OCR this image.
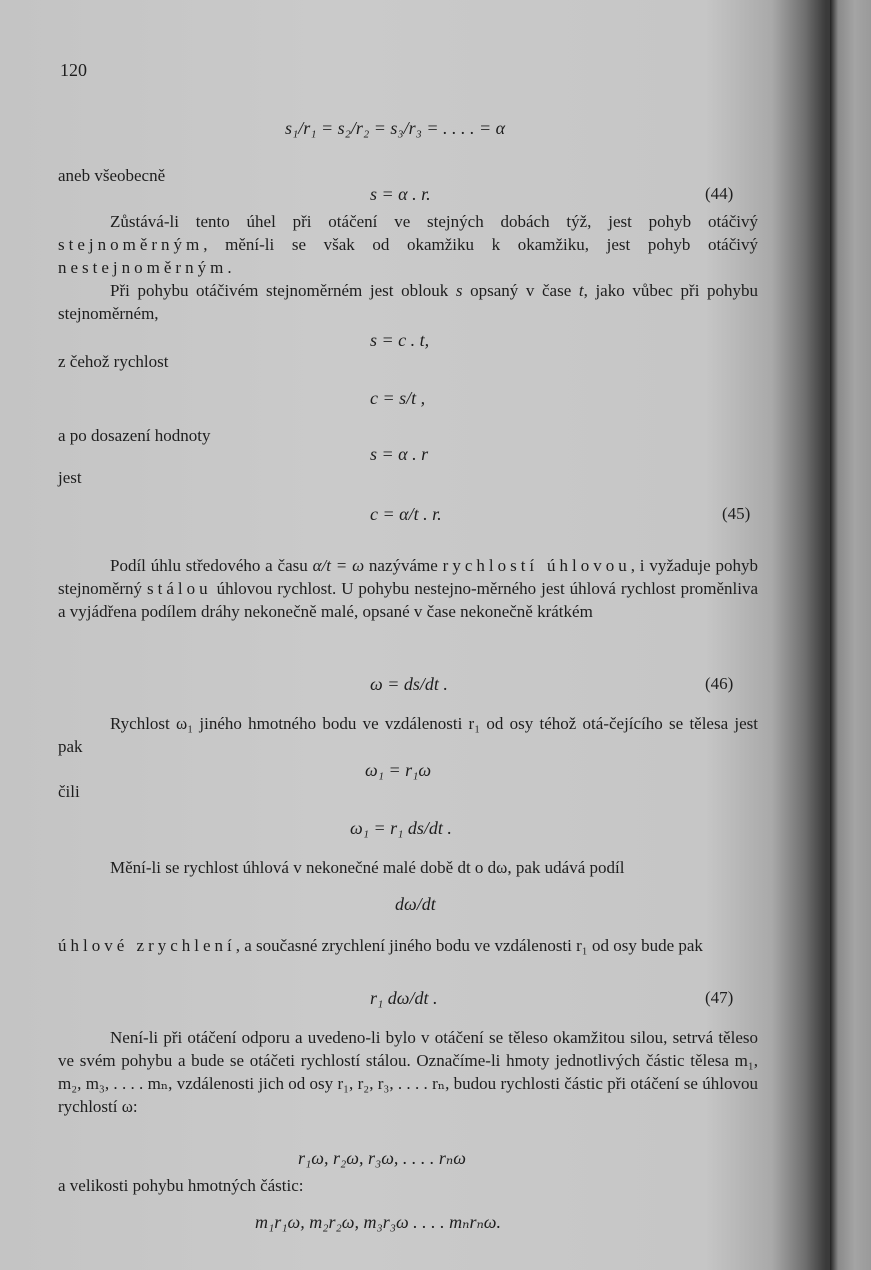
120
s₁/r₁ = s₂/r₂ = s₃/r₃ = . . . . = α
aneb všeobecně
s = α . r.	(44)

Zůstává-li tento úhel při otáčení ve stejných dobách týž, jest pohyb otáčivý stejnoměrným, mění-li se však od okamžiku k okamžiku, jest pohyb otáčivý nestejnoměrným.

Při pohybu otáčivém stejnoměrném jest oblouk s opsaný v čase t, jako vůbec při pohybu stejnoměrném,

s = c . t,
z čehož rychlost
c = s/t ,
a po dosazení hodnoty
s = α . r
jest
c = α/t . r.	(45)

Podíl úhlu středového a času α/t = ω nazýváme rychlostí úhlovou, i vyžaduje pohyb stejnoměrný stálou úhlovou rychlost. U pohybu nestejno-měrného jest úhlová rychlost proměnliva a vyjádřena podílem dráhy nekonečně malé, opsané v čase nekonečně krátkém

ω = ds/dt .	(46)

Rychlost ω₁ jiného hmotného bodu ve vzdálenosti r₁ od osy téhož otá-čejícího se tělesa jest pak

ω₁ = r₁ω
čili
ω₁ = r₁ ds/dt .

Mění-li se rychlost úhlová v nekonečné malé době dt o dω, pak udává podíl

dω/dt

úhlové zrychlení, a současné zrychlení jiného bodu ve vzdálenosti r₁ od osy bude pak

r₁ dω/dt .	(47)

Není-li při otáčení odporu a uvedeno-li bylo v otáčení se těleso okamžitou silou, setrvá těleso ve svém pohybu a bude se otáčeti rychlostí stálou. Označíme-li hmoty jednotlivých částic tělesa m₁, m₂, m₃, . . . . mₙ, vzdálenosti jich od osy r₁, r₂, r₃, . . . . rₙ, budou rychlosti částic při otáčení se úhlovou rychlostí ω:

r₁ω, r₂ω, r₃ω, . . . . rₙω
a velikosti pohybu hmotných částic:
m₁r₁ω, m₂r₂ω, m₃r₃ω . . . . mₙrₙω.
